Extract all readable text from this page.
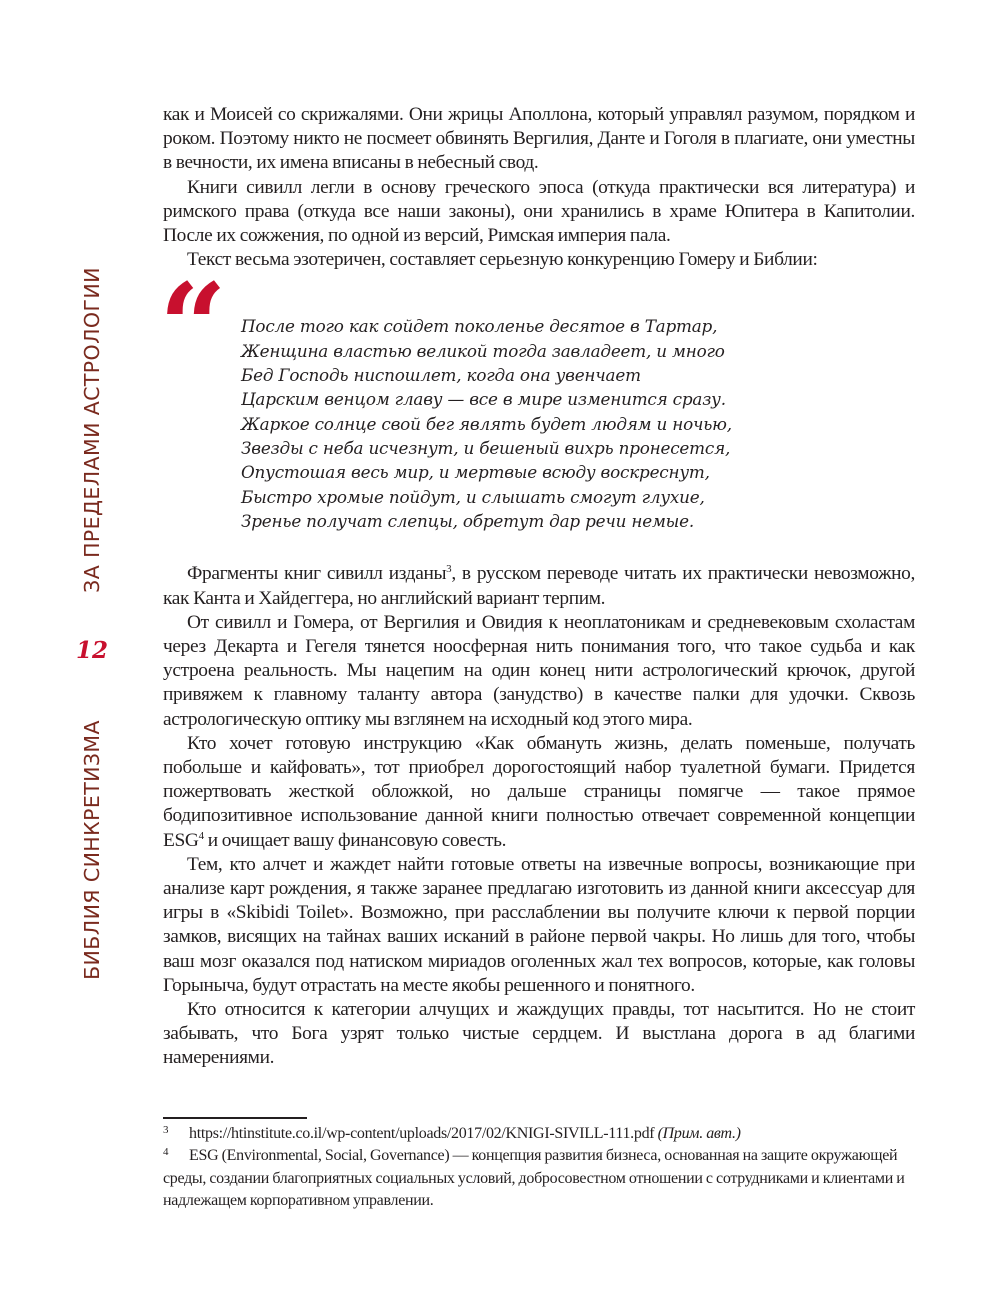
ЗА ПРЕДЕЛАМИ АСТРОЛОГИИ
12
БИБЛИЯ СИНКРЕТИЗМА

как и Моисей со скрижалями. Они жрицы Аполлона, который управлял разумом, порядком и роком. Поэтому никто не посмеет обвинять Вергилия, Данте и Гоголя в плагиате, они уместны в вечности, их имена вписаны в небесный свод.

Книги сивилл легли в основу греческого эпоса (откуда практически вся литература) и римского права (откуда все наши законы), они хранились в храме Юпитера в Капитолии. После их сожжения, по одной из версий, Римская империя пала.

Текст весьма эзотеричен, составляет серьезную конкуренцию Гомеру и Библии:

“ После того как сойдет поколенье десятое в Тартар,
Женщина властью великой тогда завладеет, и много
Бед Господь ниспошлет, когда она увенчает
Царским венцом главу — все в мире изменится сразу.
Жаркое солнце свой бег являть будет людям и ночью,
Звезды с неба исчезнут, и бешеный вихрь пронесется,
Опустошая весь мир, и мертвые всюду воскреснут,
Быстро хромые пойдут, и слышать смогут глухие,
Зренье получат слепцы, обретут дар речи немые.

Фрагменты книг сивилл изданы$^3$, в русском переводе читать их практически невозможно, как Канта и Хайдеггера, но английский вариант терпим.

От сивилл и Гомера, от Вергилия и Овидия к неоплатоникам и средневековым схоластам через Декарта и Гегеля тянется ноосферная нить понимания того, что такое судьба и как устроена реальность. Мы нацепим на один конец нити астрологический крючок, другой привяжем к главному таланту автора (занудство) в качестве палки для удочки. Сквозь астрологическую оптику мы взглянем на исходный код этого мира.

Кто хочет готовую инструкцию «Как обмануть жизнь, делать поменьше, получать побольше и кайфовать», тот приобрел дорогостоящий набор туалетной бумаги. Придется пожертвовать жесткой обложкой, но дальше страницы помягче — такое прямое бодипозитивное использование данной книги полностью отвечает современной концепции ESG$^4$ и очищает вашу финансовую совесть.

Тем, кто алчет и жаждет найти готовые ответы на извечные вопросы, возникающие при анализе карт рождения, я также заранее предлагаю изготовить из данной книги аксессуар для игры в «Skibidi Toilet». Возможно, при расслаблении вы получите ключи к первой порции замков, висящих на тайнах ваших исканий в районе первой чакры. Но лишь для того, чтобы ваш мозг оказался под натиском мириадов оголенных жал тех вопросов, которые, как головы Горыныча, будут отрастать на месте якобы решенного и понятного.

Кто относится к категории алчущих и жаждущих правды, тот насытится. Но не стоит забывать, что Бога узрят только чистые сердцем. И выстлана дорога в ад благими намерениями.

3 https://htinstitute.co.il/wp-content/uploads/2017/02/KNIGI-SIVILL-111.pdf (Прим. авт.)

4 ESG (Environmental, Social, Governance) — концепция развития бизнеса, основанная на защите окружающей среды, создании благоприятных социальных условий, добросовестном отношении с сотрудниками и клиентами и надлежащем корпоративном управлении.
